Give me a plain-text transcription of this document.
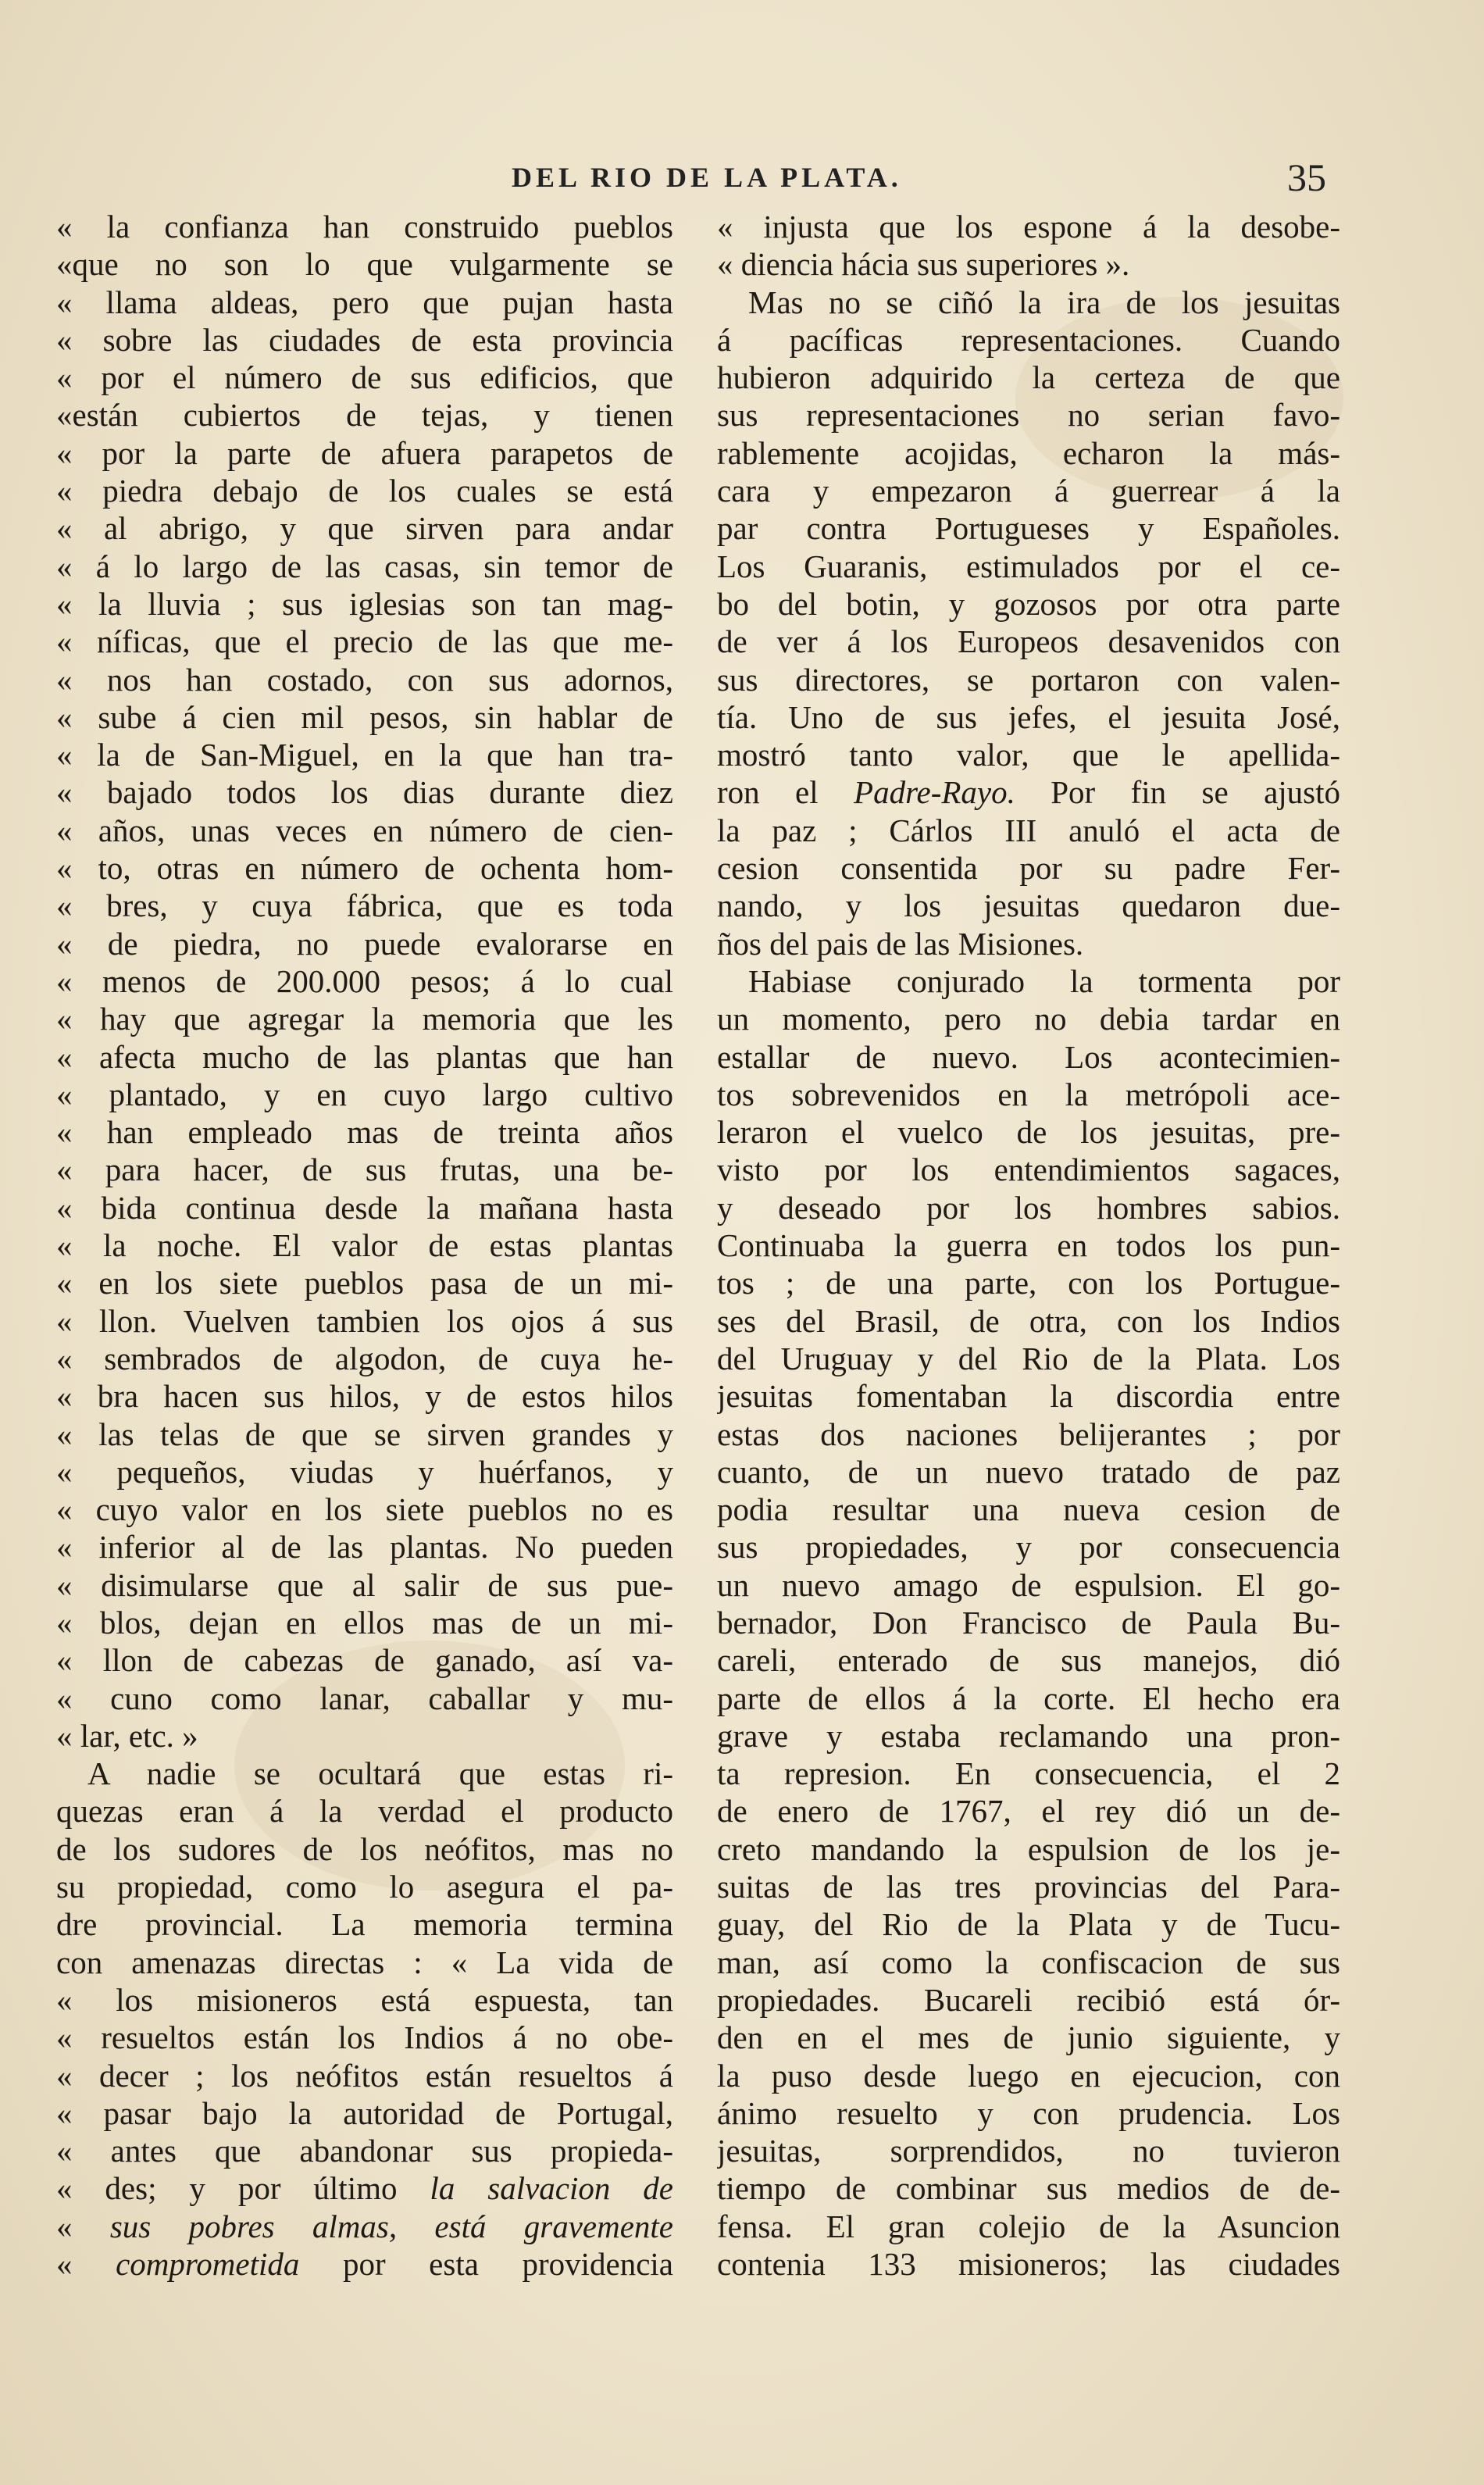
DEL RIO DE LA PLATA.	35
« la confianza han construido pueblos
«que no son lo que vulgarmente se
« llama aldeas, pero que pujan hasta
« sobre las ciudades de esta provincia
« por el número de sus edificios, que
«están cubiertos de tejas, y tienen
« por la parte de afuera parapetos de
« piedra debajo de los cuales se está
« al abrigo, y que sirven para andar
« á lo largo de las casas, sin temor de
« la lluvia ; sus iglesias son tan mag-
« níficas, que el precio de las que me-
« nos han costado, con sus adornos,
« sube á cien mil pesos, sin hablar de
« la de San-Miguel, en la que han tra-
« bajado todos los dias durante diez
« años, unas veces en número de cien-
« to, otras en número de ochenta hom-
« bres, y cuya fábrica, que es toda
« de piedra, no puede evalorarse en
« menos de 200.000 pesos; á lo cual
« hay que agregar la memoria que les
« afecta mucho de las plantas que han
« plantado, y en cuyo largo cultivo
« han empleado mas de treinta años
« para hacer, de sus frutas, una be-
« bida continua desde la mañana hasta
« la noche. El valor de estas plantas
« en los siete pueblos pasa de un mi-
« llon. Vuelven tambien los ojos á sus
« sembrados de algodon, de cuya he-
« bra hacen sus hilos, y de estos hilos
« las telas de que se sirven grandes y
« pequeños, viudas y huérfanos, y
« cuyo valor en los siete pueblos no es
« inferior al de las plantas. No pueden
« disimularse que al salir de sus pue-
« blos, dejan en ellos mas de un mi-
« llon de cabezas de ganado, así va-
« cuno como lanar, caballar y mu-
« lar, etc. »
A nadie se ocultará que estas ri-
quezas eran á la verdad el producto
de los sudores de los neófitos, mas no
su propiedad, como lo asegura el pa-
dre provincial. La memoria termina
con amenazas directas : « La vida de
« los misioneros está espuesta, tan
« resueltos están los Indios á no obe-
« decer ; los neófitos están resueltos á
« pasar bajo la autoridad de Portugal,
« antes que abandonar sus propieda-
« des; y por último la salvacion de
« sus pobres almas, está gravemente
« comprometida por esta providencia
« injusta que los espone á la desobe-
« diencia hácia sus superiores ».
Mas no se ciñó la ira de los jesuitas
á pacíficas representaciones. Cuando
hubieron adquirido la certeza de que
sus representaciones no serian favo-
rablemente acojidas, echaron la más-
cara y empezaron á guerrear á la
par contra Portugueses y Españoles.
Los Guaranis, estimulados por el ce-
bo del botin, y gozosos por otra parte
de ver á los Europeos desavenidos con
sus directores, se portaron con valen-
tía. Uno de sus jefes, el jesuita José,
mostró tanto valor, que le apellida-
ron el Padre-Rayo. Por fin se ajustó
la paz ; Cárlos III anuló el acta de
cesion consentida por su padre Fer-
nando, y los jesuitas quedaron due-
ños del pais de las Misiones.
Habiase conjurado la tormenta por
un momento, pero no debia tardar en
estallar de nuevo. Los acontecimien-
tos sobrevenidos en la metrópoli ace-
leraron el vuelco de los jesuitas, pre-
visto por los entendimientos sagaces,
y deseado por los hombres sabios.
Continuaba la guerra en todos los pun-
tos ; de una parte, con los Portugue-
ses del Brasil, de otra, con los Indios
del Uruguay y del Rio de la Plata. Los
jesuitas fomentaban la discordia entre
estas dos naciones belijerantes ; por
cuanto, de un nuevo tratado de paz
podia resultar una nueva cesion de
sus propiedades, y por consecuencia
un nuevo amago de espulsion. El go-
bernador, Don Francisco de Paula Bu-
careli, enterado de sus manejos, dió
parte de ellos á la corte. El hecho era
grave y estaba reclamando una pron-
ta represion. En consecuencia, el 2
de enero de 1767, el rey dió un de-
creto mandando la espulsion de los je-
suitas de las tres provincias del Para-
guay, del Rio de la Plata y de Tucu-
man, así como la confiscacion de sus
propiedades. Bucareli recibió está ór-
den en el mes de junio siguiente, y
la puso desde luego en ejecucion, con
ánimo resuelto y con prudencia. Los
jesuitas, sorprendidos, no tuvieron
tiempo de combinar sus medios de de-
fensa. El gran colejio de la Asuncion
contenia 133 misioneros; las ciudades
